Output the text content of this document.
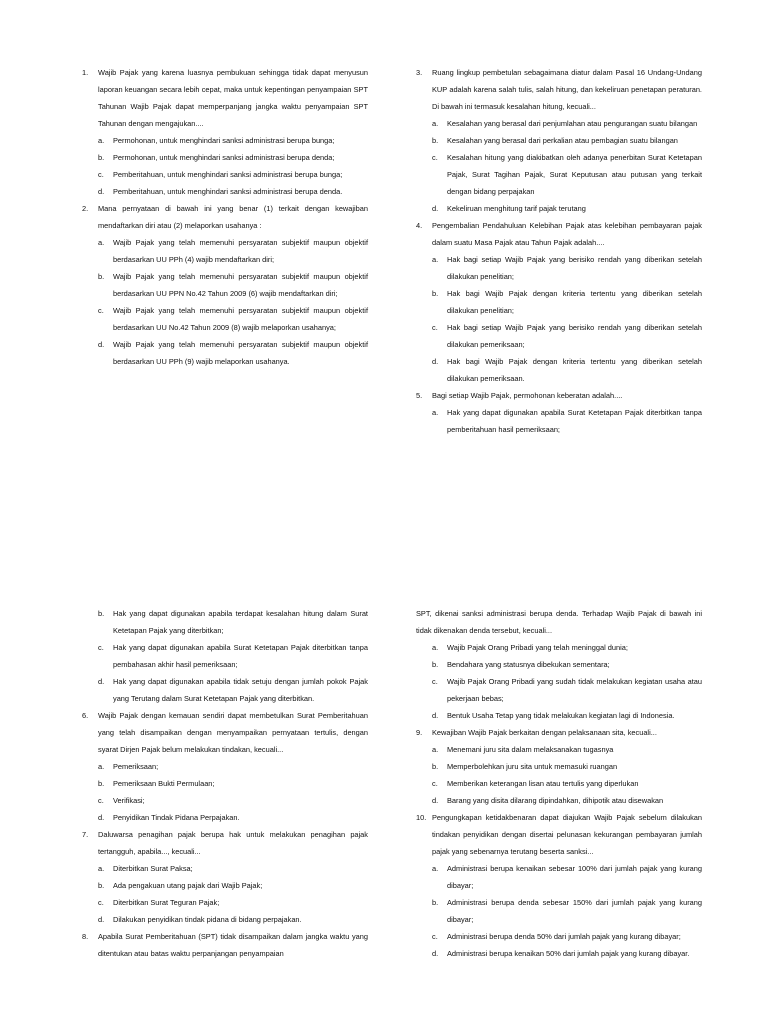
1.	Wajib Pajak yang karena luasnya pembukuan sehingga tidak dapat menyusun laporan keuangan secara lebih cepat, maka untuk kepentingan penyampaian SPT Tahunan Wajib Pajak dapat memperpanjang jangka waktu penyampaian SPT Tahunan dengan mengajukan....
a.	Permohonan, untuk menghindari sanksi administrasi berupa bunga;
b.	Permohonan, untuk menghindari sanksi administrasi berupa denda;
c.	Pemberitahuan, untuk menghindari sanksi administrasi berupa bunga;
d.	Pemberitahuan, untuk menghindari sanksi administrasi berupa denda.
2.	Mana pernyataan di bawah ini yang benar (1) terkait dengan kewajiban mendaftarkan diri atau (2) melaporkan usahanya :
a.	Wajib Pajak yang telah memenuhi persyaratan subjektif maupun objektif berdasarkan UU PPh (4) wajib mendaftarkan diri;
b.	Wajib Pajak yang telah memenuhi persyaratan subjektif maupun objektif berdasarkan UU PPN No.42 Tahun 2009 (6) wajib mendaftarkan diri;
c.	Wajib Pajak yang telah memenuhi persyaratan subjektif maupun objektif berdasarkan UU No.42 Tahun 2009 (8) wajib melaporkan usahanya;
d.	Wajib Pajak yang telah memenuhi persyaratan subjektif maupun objektif berdasarkan UU PPh (9) wajib melaporkan usahanya.
3.	Ruang lingkup pembetulan sebagaimana diatur dalam Pasal 16 Undang-Undang KUP adalah karena salah tulis, salah hitung, dan kekeliruan penetapan peraturan. Di bawah ini termasuk kesalahan hitung, kecuali...
a.	Kesalahan yang berasal dari penjumlahan atau pengurangan suatu bilangan
b.	Kesalahan yang berasal dari perkalian atau pembagian suatu bilangan
c.	Kesalahan hitung yang diakibatkan oleh adanya penerbitan Surat Ketetapan Pajak, Surat Tagihan Pajak, Surat Keputusan atau putusan yang terkait dengan bidang perpajakan
d.	Kekeliruan menghitung tarif pajak terutang
4.	Pengembalian Pendahuluan Kelebihan Pajak atas kelebihan pembayaran pajak dalam suatu Masa Pajak atau Tahun Pajak adalah....
a.	Hak bagi setiap Wajib Pajak yang berisiko rendah yang diberikan setelah dilakukan penelitian;
b.	Hak bagi Wajib Pajak dengan kriteria tertentu yang diberikan setelah dilakukan penelitian;
c.	Hak bagi setiap Wajib Pajak yang berisiko rendah yang diberikan setelah dilakukan pemeriksaan;
d.	Hak bagi Wajib Pajak dengan kriteria tertentu yang diberikan setelah dilakukan pemeriksaan.
5.	Bagi setiap Wajib Pajak, permohonan keberatan adalah....
a.	Hak yang dapat digunakan apabila Surat Ketetapan Pajak diterbitkan tanpa pemberitahuan hasil pemeriksaan;
b.	Hak yang dapat digunakan apabila terdapat kesalahan hitung dalam Surat Ketetapan Pajak yang diterbitkan;
c.	Hak yang dapat digunakan apabila Surat Ketetapan Pajak diterbitkan tanpa pembahasan akhir hasil pemeriksaan;
d.	Hak yang dapat digunakan apabila tidak setuju dengan jumlah pokok Pajak yang Terutang dalam Surat Ketetapan Pajak yang diterbitkan.
6.	Wajib Pajak dengan kemauan sendiri dapat membetulkan Surat Pemberitahuan yang telah disampaikan dengan menyampaikan pernyataan tertulis, dengan syarat Dirjen Pajak belum melakukan tindakan, kecuali...
a.	Pemeriksaan;
b.	Pemeriksaan Bukti Permulaan;
c.	Verifikasi;
d.	Penyidikan Tindak Pidana Perpajakan.
7.	Daluwarsa penagihan pajak berupa hak untuk melakukan penagihan pajak tertangguh, apabila..., kecuali...
a.	Diterbitkan Surat Paksa;
b.	Ada pengakuan utang pajak dari Wajib Pajak;
c.	Diterbitkan Surat Teguran Pajak;
d.	Dilakukan penyidikan tindak pidana di bidang perpajakan.
8.	Apabila Surat Pemberitahuan (SPT) tidak disampaikan dalam jangka waktu yang ditentukan atau batas waktu perpanjangan penyampaian
SPT, dikenai sanksi administrasi berupa denda. Terhadap Wajib Pajak di bawah ini tidak dikenakan denda tersebut, kecuali...
a.	Wajib Pajak Orang Pribadi yang telah meninggal dunia;
b.	Bendahara yang statusnya dibekukan sementara;
c.	Wajib Pajak Orang Pribadi yang sudah tidak melakukan kegiatan usaha atau pekerjaan bebas;
d.	Bentuk Usaha Tetap yang tidak melakukan kegiatan lagi di Indonesia.
9.	Kewajiban Wajib Pajak berkaitan dengan pelaksanaan sita, kecuali...
a.	Menemani juru sita dalam melaksanakan tugasnya
b.	Memperbolehkan juru sita untuk memasuki ruangan
c.	Memberikan keterangan lisan atau tertulis yang diperlukan
d.	Barang yang disita dilarang dipindahkan, dihipotik atau disewakan
10. Pengungkapan ketidakbenaran dapat diajukan Wajib Pajak sebelum dilakukan tindakan penyidikan dengan disertai pelunasan kekurangan pembayaran jumlah pajak yang sebenarnya terutang beserta sanksi...
a.	Administrasi berupa kenaikan sebesar 100% dari jumlah pajak yang kurang dibayar;
b.	Administrasi berupa denda sebesar 150% dari jumlah pajak yang kurang dibayar;
c.	Administrasi berupa denda 50% dari jumlah pajak yang kurang dibayar;
d.	Administrasi berupa kenaikan 50% dari jumlah pajak yang kurang dibayar.
